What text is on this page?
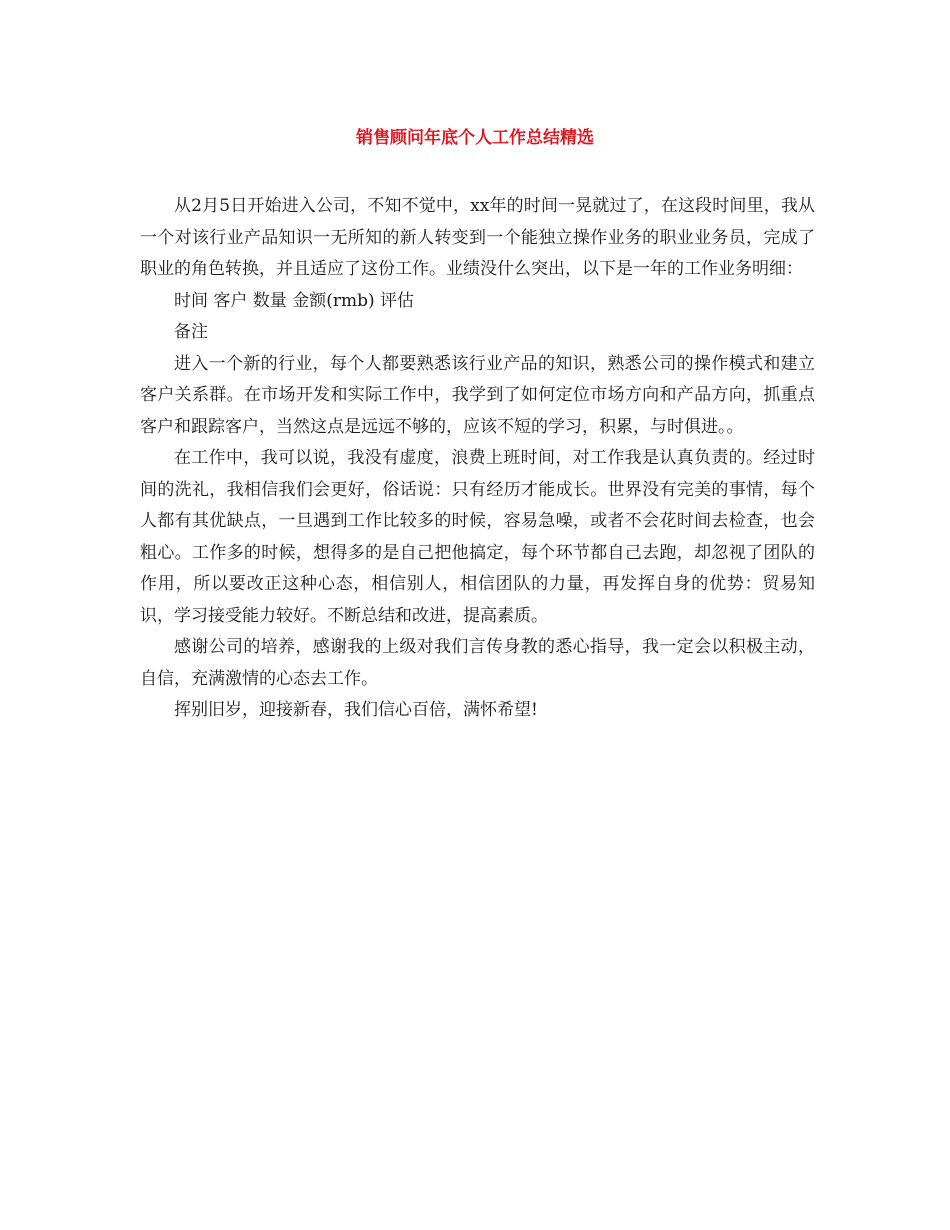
销售顾问年底个人工作总结精选

从2月5日开始进入公司，不知不觉中，xx年的时间一晃就过了，在这段时间里，我从一个对该行业产品知识一无所知的新人转变到一个能独立操作业务的职业业务员，完成了职业的角色转换，并且适应了这份工作。业绩没什么突出，以下是一年的工作业务明细：

时间 客户 数量 金额(rmb) 评估

备注

进入一个新的行业，每个人都要熟悉该行业产品的知识，熟悉公司的操作模式和建立客户关系群。在市场开发和实际工作中，我学到了如何定位市场方向和产品方向，抓重点客户和跟踪客户，当然这点是远远不够的，应该不短的学习，积累，与时俱进。。

在工作中，我可以说，我没有虚度，浪费上班时间，对工作我是认真负责的。经过时间的洗礼，我相信我们会更好，俗话说：只有经历才能成长。世界没有完美的事情，每个人都有其优缺点，一旦遇到工作比较多的时候，容易急噪，或者不会花时间去检查，也会粗心。工作多的时候，想得多的是自己把他搞定，每个环节都自己去跑，却忽视了团队的作用，所以要改正这种心态，相信别人，相信团队的力量，再发挥自身的优势：贸易知识，学习接受能力较好。不断总结和改进，提高素质。

感谢公司的培养，感谢我的上级对我们言传身教的悉心指导，我一定会以积极主动，自信，充满激情的心态去工作。

挥别旧岁，迎接新春，我们信心百倍，满怀希望!
